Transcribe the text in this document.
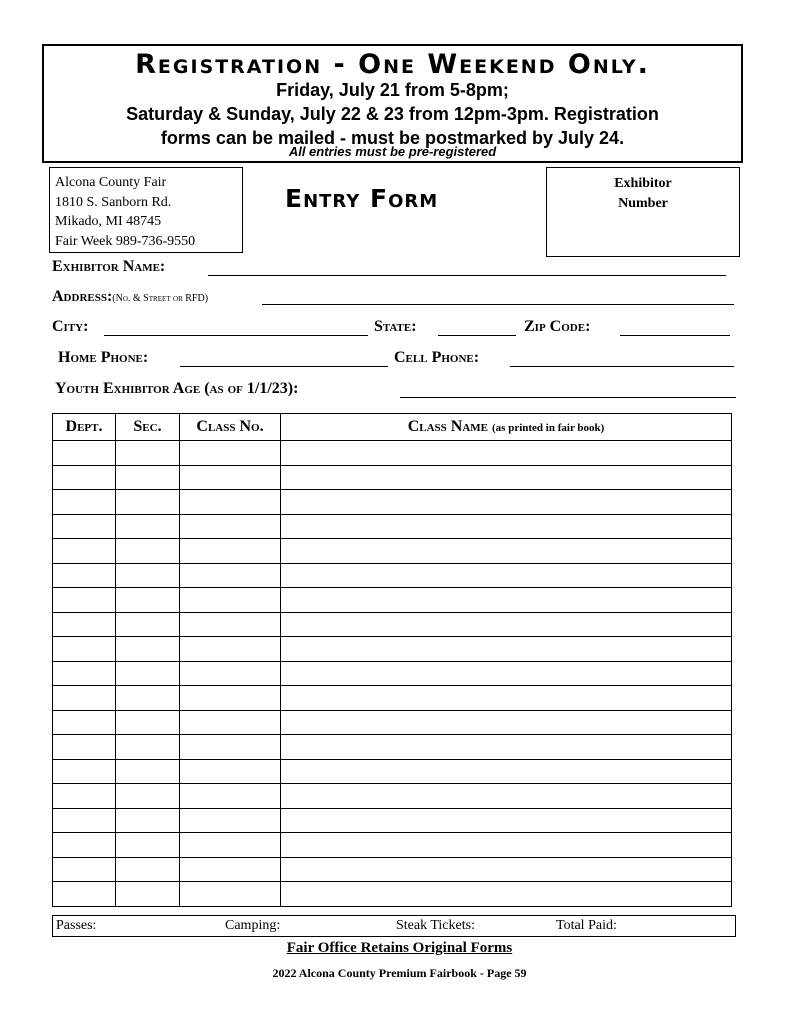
Registration - One Weekend Only.
Friday, July 21 from 5-8pm;
Saturday & Sunday, July 22 & 23 from 12pm-3pm. Registration
forms can be mailed - must be postmarked by July 24.
All entries must be pre-registered
Alcona County Fair
1810 S. Sanborn Rd.
Mikado, MI 48745
Fair Week 989-736-9550
Entry Form
Exhibitor
Number
Exhibitor Name:
Address:(No. & Street or RFD)
City:	State:	Zip Code:
Home Phone:	Cell Phone:
Youth Exhibitor Age (as of 1/1/23):
Dept.	Sec.	Class No.	Class Name (as printed in fair book)

Passes:	Camping:	Steak Tickets:	Total Paid:
Fair Office Retains Original Forms
2022 Alcona County Premium Fairbook - Page 59
